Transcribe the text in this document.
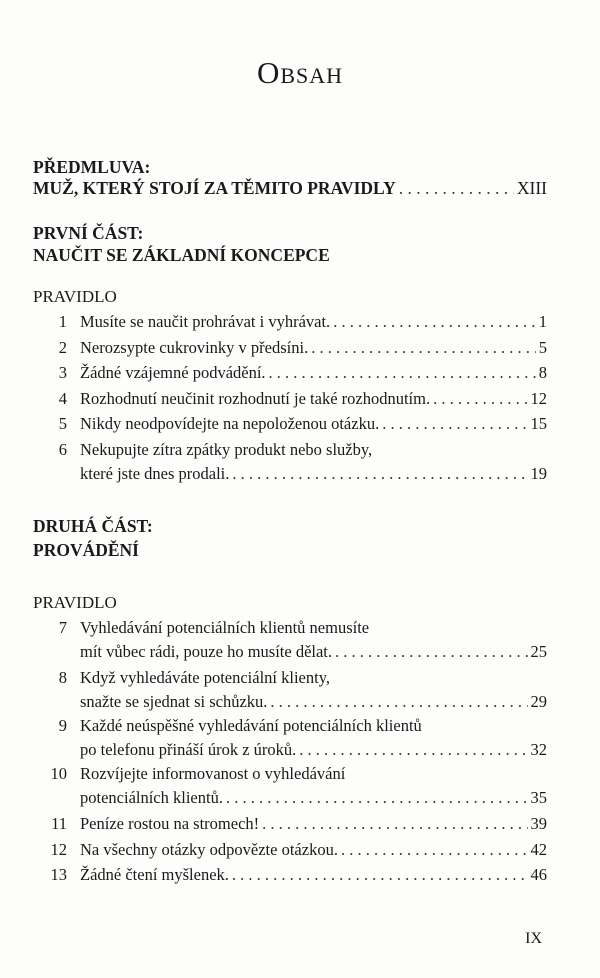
Obsah
PŘEDMLUVA:
MUŽ, KTERÝ STOJÍ ZA TĚMITO PRAVIDLY . . .	XIII
PRVNÍ ČÁST:
NAUČIT SE ZÁKLADNÍ KONCEPCE
PRAVIDLO
1 Musíte se naučit prohrávat i vyhrávat. . . .	1
2 Nerozsypte cukrovinky v předsíni. . . .	5
3 Žádné vzájemné podvádění. . . .	8
4 Rozhodnutí neučinit rozhodnutí je také rozhodnutím. . . .	12
5 Nikdy neodpovídejte na nepoloženou otázku. . . .	15
6 Nekupujte zítra zpátky produkt nebo služby,
které jste dnes prodali. . . .	19
DRUHÁ ČÁST:
PROVÁDĚNÍ
PRAVIDLO
7 Vyhledávání potenciálních klientů nemusíte
mít vůbec rádi, pouze ho musíte dělat. . . .	25
8 Když vyhledáváte potenciální klienty,
snažte se sjednat si schůzku. . . .	29
9 Každé neúspěšné vyhledávání potenciálních klientů
po telefonu přináší úrok z úroků. . . .	32
10 Rozvíjejte informovanost o vyhledávání
potenciálních klientů. . . .	35
11 Peníze rostou na stromech! . . .	39
12 Na všechny otázky odpovězte otázkou. . . .	42
13 Žádné čtení myšlenek. . . .	46
IX
